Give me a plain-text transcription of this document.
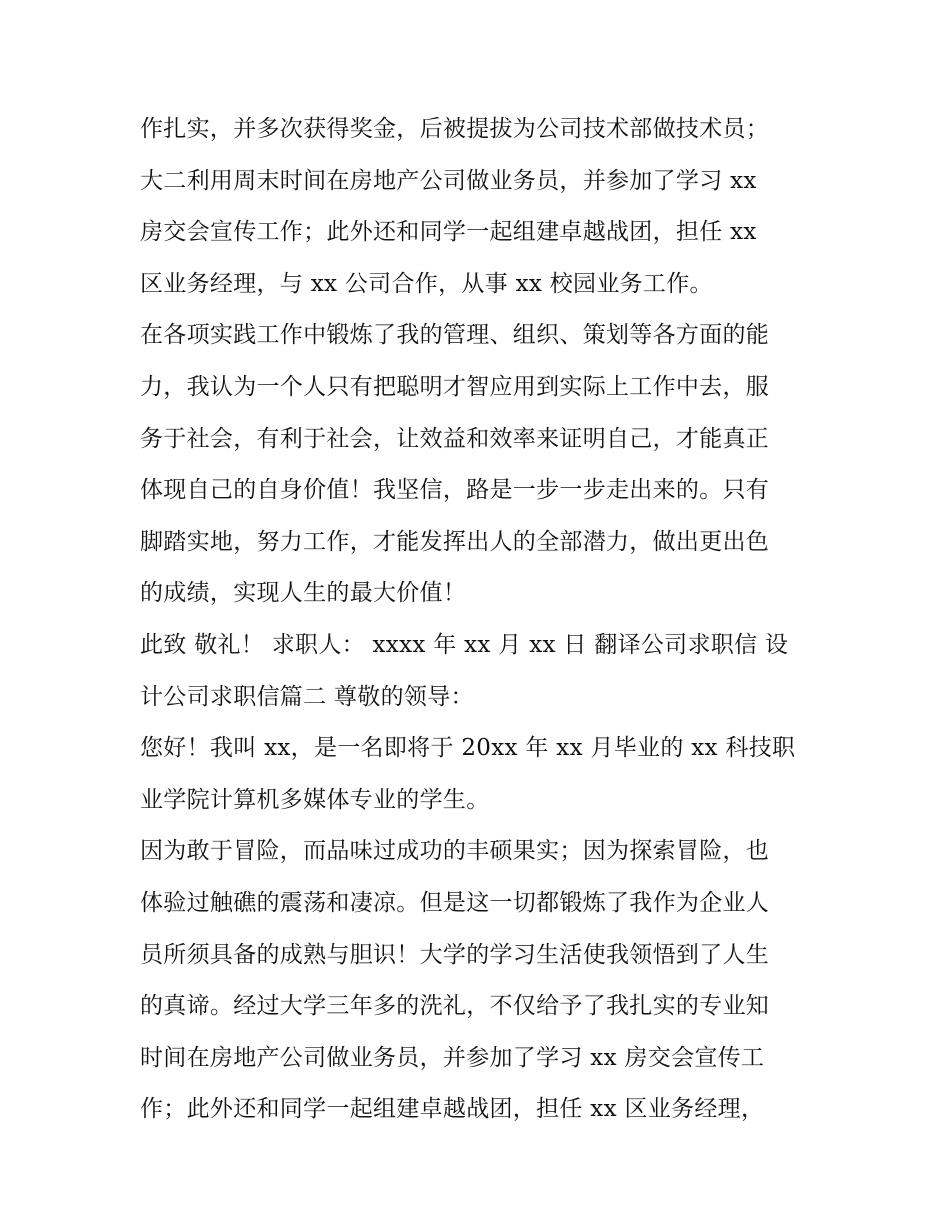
作扎实，并多次获得奖金，后被提拔为公司技术部做技术员；
大二利用周末时间在房地产公司做业务员，并参加了学习 xx
房交会宣传工作；此外还和同学一起组建卓越战团，担任 xx
区业务经理，与 xx 公司合作，从事 xx 校园业务工作。
在各项实践工作中锻炼了我的管理、组织、策划等各方面的能
力，我认为一个人只有把聪明才智应用到实际上工作中去，服
务于社会，有利于社会，让效益和效率来证明自己，才能真正
体现自己的自身价值！我坚信，路是一步一步走出来的。只有
脚踏实地，努力工作，才能发挥出人的全部潜力，做出更出色
的成绩，实现人生的最大价值！
此致 敬礼！ 求职人： xxxx 年 xx 月 xx 日 翻译公司求职信 设
计公司求职信篇二 尊敬的领导：
您好！我叫 xx，是一名即将于 20xx 年 xx 月毕业的 xx 科技职
业学院计算机多媒体专业的学生。
因为敢于冒险，而品味过成功的丰硕果实；因为探索冒险，也
体验过触礁的震荡和凄凉。但是这一切都锻炼了我作为企业人
员所须具备的成熟与胆识！大学的学习生活使我领悟到了人生
的真谛。经过大学三年多的洗礼，不仅给予了我扎实的专业知
时间在房地产公司做业务员，并参加了学习 xx 房交会宣传工
作；此外还和同学一起组建卓越战团，担任 xx 区业务经理，
